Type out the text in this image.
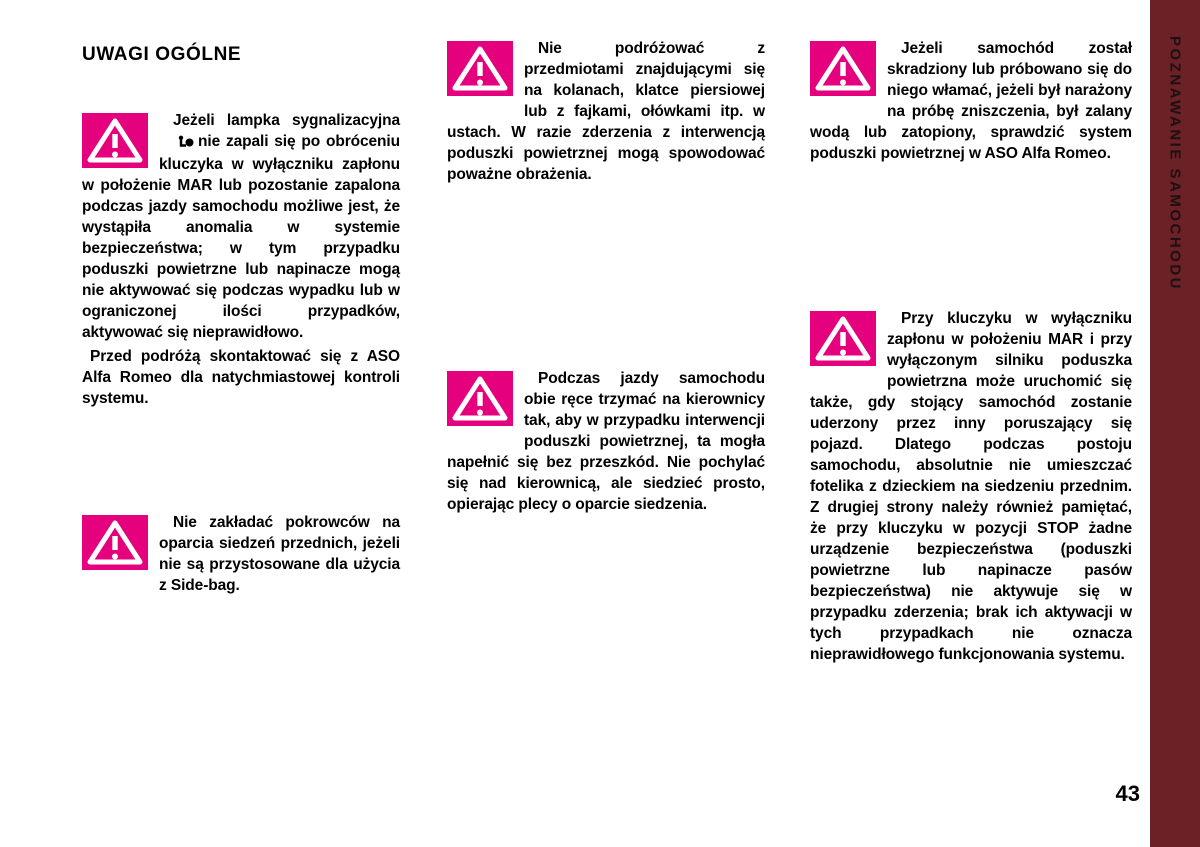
UWAGI OGÓLNE

Jeżeli lampka sygnalizacyjnanie zapali się po obróceniu kluczyka w wyłączniku zapłonu w położenie MAR lub pozostanie zapalona podczas jazdy samochodu możliwe jest, że wystąpiła anomalia w systemie bezpieczeństwa; w tym przypadku poduszki powietrzne lub napinacze mogą nie aktywować się podczas wypadku lub w ograniczonej ilości przypadków, aktywować się nieprawidłowo.

Przed podróżą skontaktować się z ASO Alfa Romeo dla natychmiastowej kontroli systemu.

Nie zakładać pokrowców na oparcia siedzeń przednich, jeżeli nie są przystosowane dla użycia z Side-bag.

Nie podróżować z przedmiotami znajdującymi się na kolanach, klatce piersiowej lub z fajkami, ołówkami itp. w ustach. W razie zderzenia z interwencją poduszki powietrznej mogą spowodować poważne obrażenia.

Podczas jazdy samochodu obie ręce trzymać na kierownicy tak, aby w przypadku interwencji poduszki powietrznej, ta mogła napełnić się bez przeszkód. Nie pochylać się nad kierownicą, ale siedzieć prosto, opierając plecy o oparcie siedzenia.

Jeżeli samochód został skradziony lub próbowano się do niego włamać, jeżeli był narażony na próbę zniszczenia, był zalany wodą lub zatopiony, sprawdzić system poduszki powietrznej w ASO Alfa Romeo.

Przy kluczyku w wyłączniku zapłonu w położeniu MAR i przy wyłączonym silniku poduszka powietrzna może uruchomić się także, gdy stojący samochód zostanie uderzony przez inny poruszający się pojazd. Dlatego podczas postoju samochodu, absolutnie nie umieszczać fotelika z dzieckiem na siedzeniu przednim. Z drugiej strony należy również pamiętać, że przy kluczyku w pozycji STOP żadne urządzenie bezpieczeństwa (poduszki powietrzne lub napinacze pasów bezpieczeństwa) nie aktywuje się w przypadku zderzenia; brak ich aktywacji w tych przypadkach nie oznacza nieprawidłowego funkcjonowania systemu.

POZNAWANIE SAMOCHODU
43
